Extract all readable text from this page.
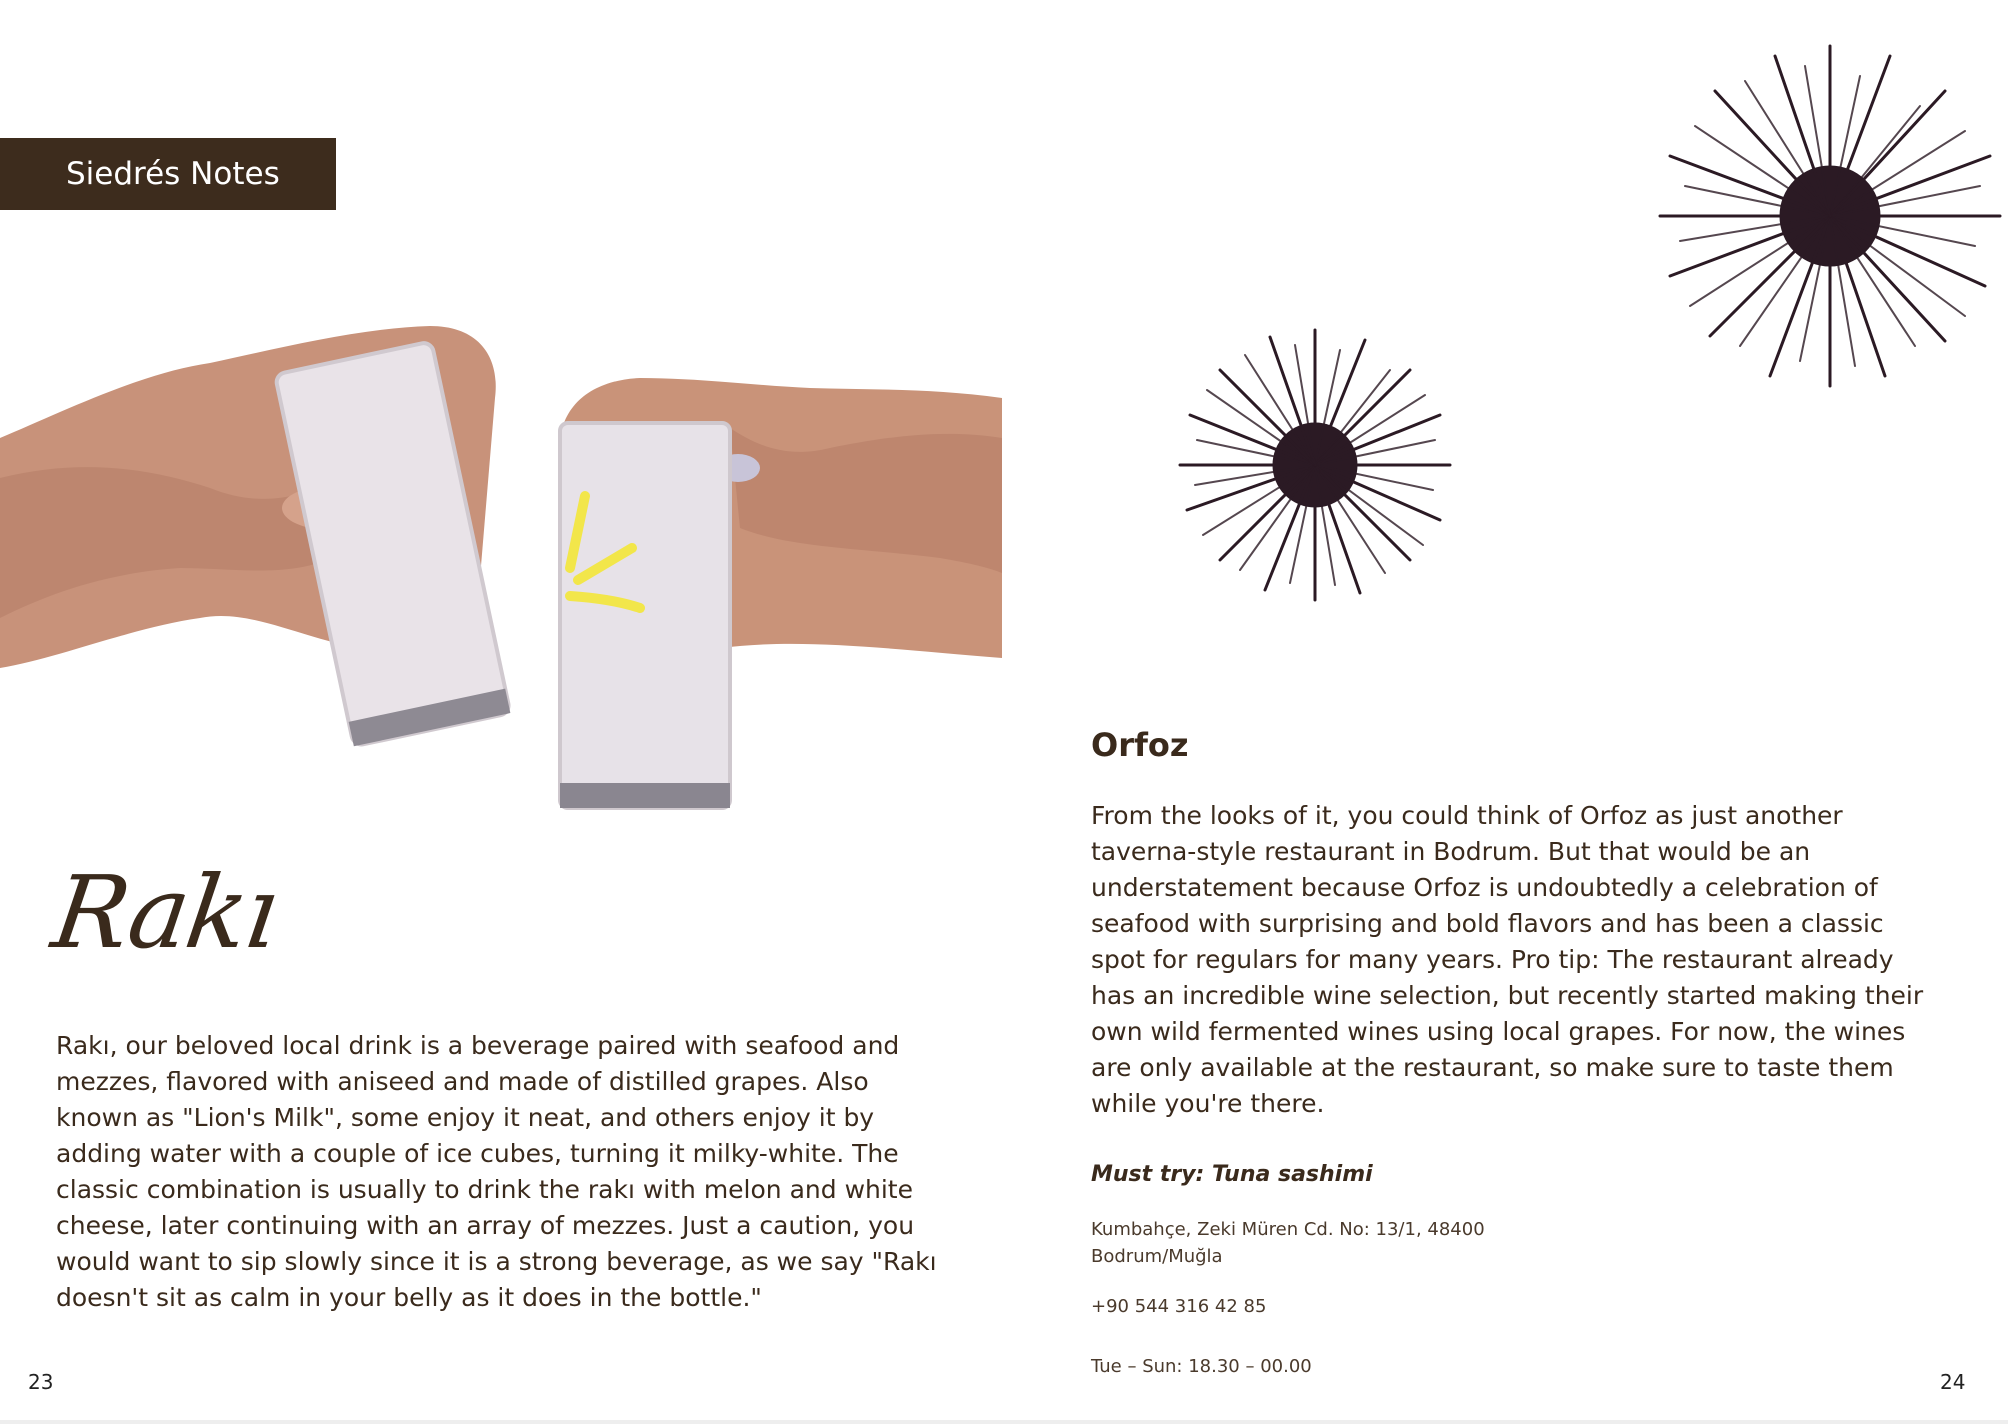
Siedrés Notes
Rakı
Rakı, our beloved local drink is a beverage paired with seafood and mezzes, flavored with aniseed and made of distilled grapes. Also known as "Lion's Milk", some enjoy it neat, and others enjoy it by adding water with a couple of ice cubes, turning it milky-white. The classic combination is usually to drink the rakı with melon and white cheese, later continuing with an array of mezzes. Just a caution, you would want to sip slowly since it is a strong beverage, as we say "Rakı doesn't sit as calm in your belly as it does in the bottle."
Orfoz
From the looks of it, you could think of Orfoz as just another taverna-style restaurant in Bodrum. But that would be an understatement because Orfoz is undoubtedly a celebration of seafood with surprising and bold flavors and has been a classic spot for regulars for many years. Pro tip: The restaurant already has an incredible wine selection, but recently started making their own wild fermented wines using local grapes. For now, the wines are only available at the restaurant, so make sure to taste them while you're there.
Must try: Tuna sashimi
Kumbahçe, Zeki Müren Cd. No: 13/1, 48400
Bodrum/Muğla
+90 544 316 42 85
Tue – Sun: 18.30 – 00.00
23	24
